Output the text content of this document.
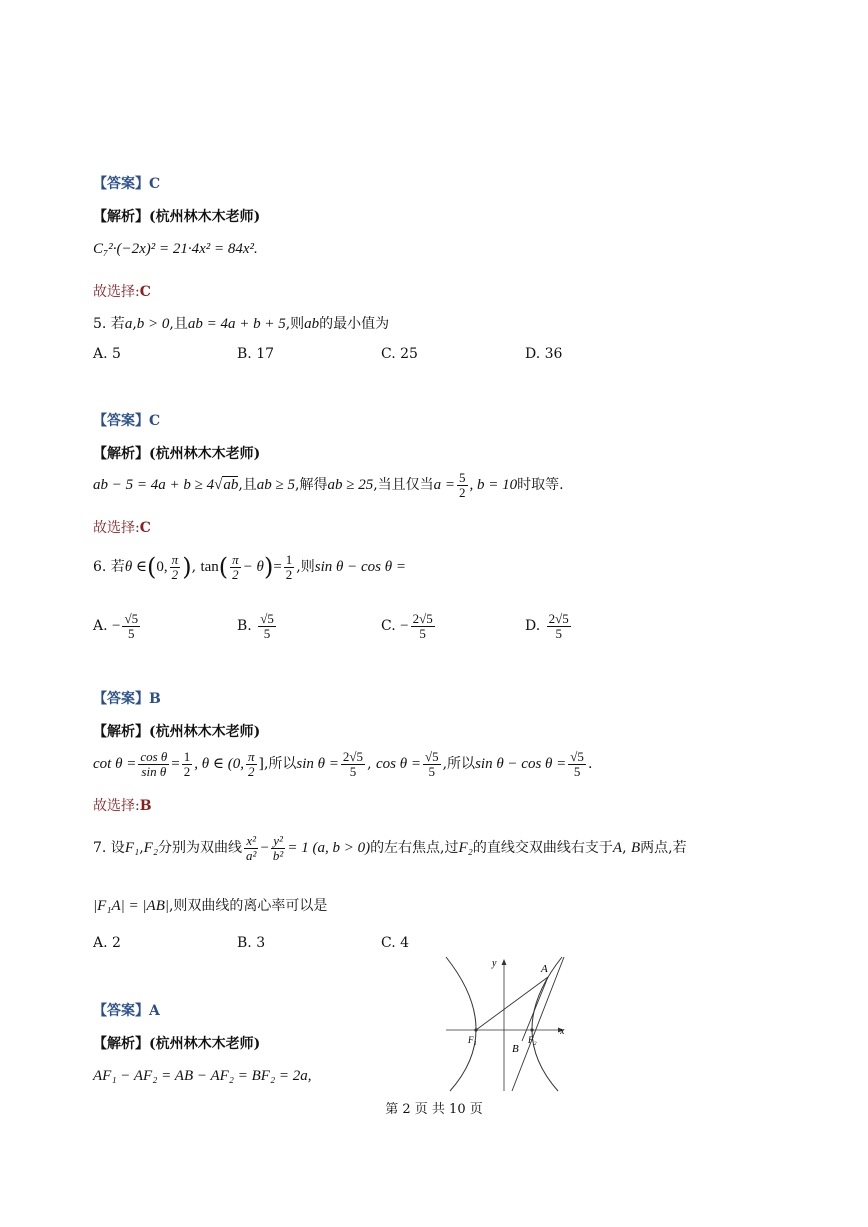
【答案】C
【解析】(杭州林木木老师)
C₇²·(−2x)² = 21·4x² = 84x².
故选择:C
5. 若a,b > 0,且ab = 4a + b + 5,则ab的最小值为
A. 5	B. 17	C. 25	D. 36
【答案】C
【解析】(杭州林木木老师)
ab − 5 = 4a + b ≥ 4√ab,且ab ≥ 5,解得ab ≥ 25,当且仅当$a = \frac{5}{2}$ , b = 10时取等.
故选择:C
6. 若θ ∈(0, $\frac{\pi}{2}$ ), $\tan( \frac{\pi}{2} - \theta)= \frac{1}{2}$ ,则sin θ − cos θ =
A. − $\frac{√5}{5}$	B. $\frac{√5}{5}$	C. − $\frac{2√5}{5}$	D. $\frac{2√5}{5}$
【答案】B
【解析】(杭州林木木老师)
$\cot \theta = \frac{\text{cos θ}}{\text{sin θ}} = \frac{1}{2}$ , θ ∈ (0, $\frac{\pi}{2}$ ],所以$\sin \theta = \frac{2√5}{5}$ , $\cos \theta = \frac{√5}{5}$ ,所以$\sin \theta - \cos \theta = \frac{√5}{5}$ .
故选择:B
7. 设F₁,F₂分别为双曲线 $\frac{\text{x²}}{\text{a²}} - \frac{\text{y²}}{\text{b²}} = 1$ (a, b > 0)的左右焦点,过F₂的直线交双曲线右支于A, B两点,若
|F₁A| = |AB|,则双曲线的离心率可以是
A. 2	B. 3	C. 4
【答案】A
【解析】(杭州林木木老师)
AF₁ − AF₂ = AB − AF₂ = BF₂ = 2a,
y
x
A
B
F₁	F₂
第 2 页 共 10 页
